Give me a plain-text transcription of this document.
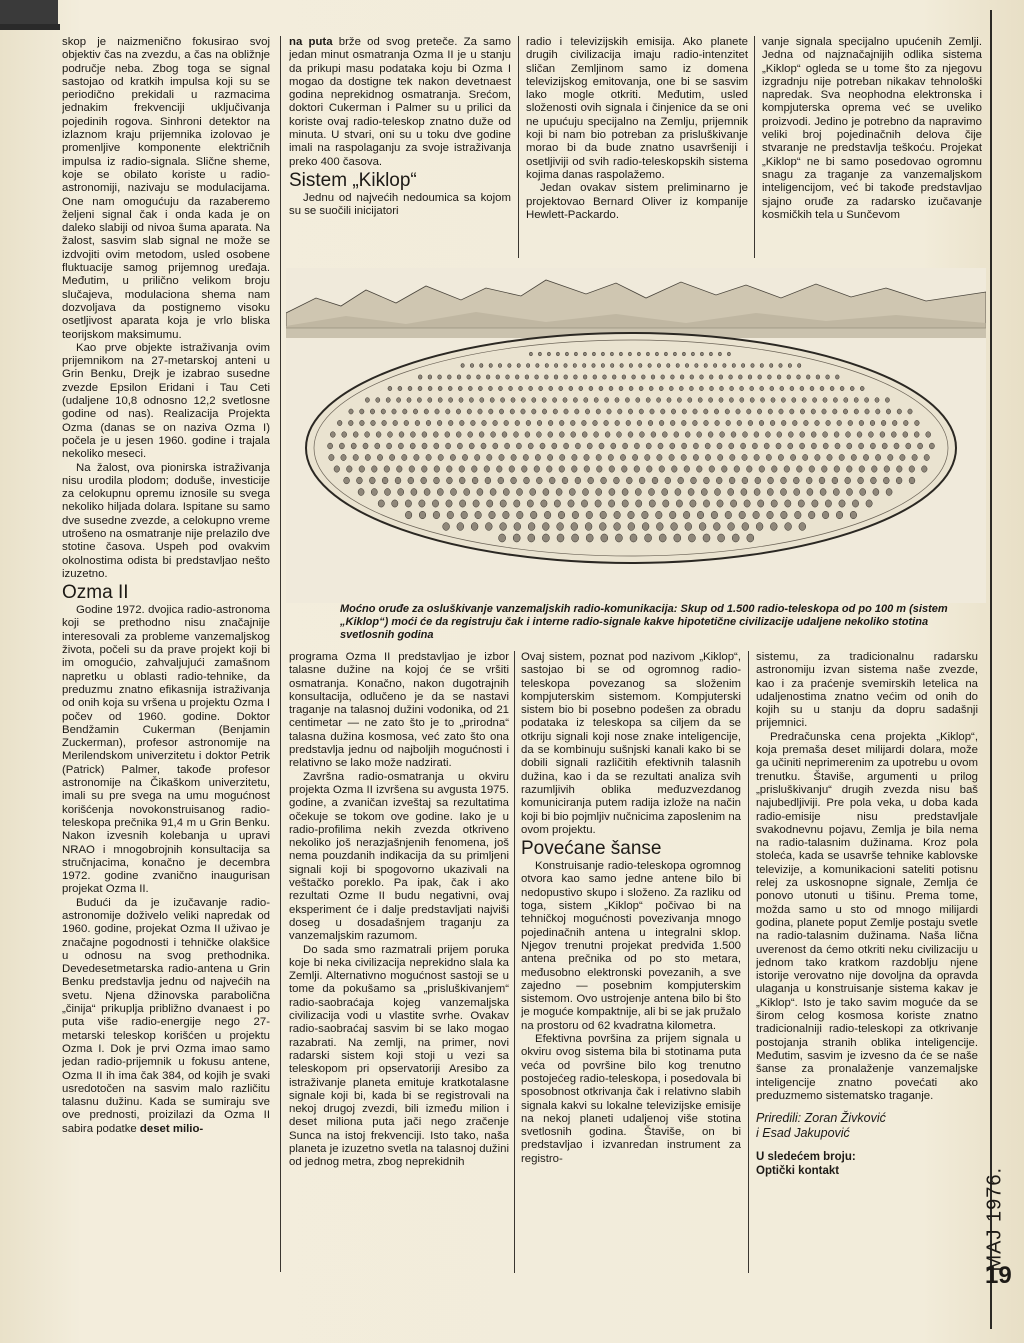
skop je naizmenično fokusirao svoj objektiv čas na zvezdu, a čas na obližnje područje neba. Zbog toga se signal sastojao od kratkih impulsa koji su se periodično prekidali u razmacima jednakim frekvenciji uključivanja pojedinih rogova. Sinhroni detektor na izlaznom kraju prijemnika izolovao je promenljive komponente električnih impulsa iz radio-signala. Slične sheme, koje se obilato koriste u radio-astronomiji, nazivaju se modulacijama. One nam omogućuju da razaberemo željeni signal čak i onda kada je on daleko slabiji od nivoa šuma aparata. Na žalost, sasvim slab signal ne može se izdvojiti ovim metodom, usled osobene fluktuacije samog prijemnog uređaja. Međutim, u prilično velikom broju slučajeva, modulaciona shema nam dozvoljava da postignemo visoku osetljivost aparata koja je vrlo bliska teorijskom maksimumu.

Kao prve objekte istraživanja ovim prijemnikom na 27-metarskoj anteni u Grin Benku, Drejk je izabrao susedne zvezde Epsilon Eridani i Tau Ceti (udaljene 10,8 odnosno 12,2 svetlosne godine od nas). Realizacija Projekta Ozma (danas se on naziva Ozma I) počela je u jesen 1960. godine i trajala nekoliko meseci.

Na žalost, ova pionirska istraživanja nisu urodila plodom; doduše, investicije za celokupnu opremu iznosile su svega nekoliko hiljada dolara. Ispitane su samo dve susedne zvezde, a celokupno vreme utrošeno na osmatranje nije prelazilo dve stotine časova. Uspeh pod ovakvim okolnostima odista bi predstavljao nešto izuzetno.

Ozma II

Godine 1972. dvojica radio-astronoma koji se prethodno nisu značajnije interesovali za probleme vanzemaljskog života, počeli su da prave projekt koji bi im omogućio, zahvaljujući zamašnom napretku u oblasti radio-tehnike, da preduzmu znatno efikasnija istraživanja od onih koja su vršena u projektu Ozma I počev od 1960. godine. Doktor Bendžamin Cukerman (Benjamin Zuckerman), profesor astronomije na Merilendskom univerzitetu i doktor Petrik (Patrick) Palmer, takođe profesor astronomije na Čikaškom univerzitetu, imali su pre svega na umu mogućnost korišćenja novokonstruisanog radio-teleskopa prečnika 91,4 m u Grin Benku. Nakon izvesnih kolebanja u upravi NRAO i mnogobrojnih konsultacija sa stručnjacima, konačno je decembra 1972. godine zvanično inaugurisan projekat Ozma II.

Budući da je izučavanje radio-astronomije doživelo veliki napredak od 1960. godine, projekat Ozma II uživao je značajne pogodnosti i tehničke olakšice u odnosu na svog prethodnika. Devedesetmetarska radio-antena u Grin Benku predstavlja jednu od najvećih na svetu. Njena džinovska parabolična „činija“ prikuplja približno dvanaest i po puta više radio-energije nego 27-metarski teleskop korišćen u projektu Ozma I. Dok je prvi Ozma imao samo jedan radio-prijemnik u fokusu antene, Ozma II ih ima čak 384, od kojih je svaki usredotočen na sasvim malo različitu talasnu dužinu. Kada se sumiraju sve ove prednosti, proizilazi da Ozma II sabira podatke deset milio-

na puta brže od svog preteče. Za samo jedan minut osmatranja Ozma II je u stanju da prikupi masu podataka koju bi Ozma I mogao da dostigne tek nakon devetnaest godina neprekidnog osmatranja. Srećom, doktori Cukerman i Palmer su u prilici da koriste ovaj radio-teleskop znatno duže od minuta. U stvari, oni su u toku dve godine imali na raspolaganju za svoje istraživanja preko 400 časova.

Sistem „Kiklop“

Jednu od najvećih nedoumica sa kojom su se suočili inicijatori

radio i televizijskih emisija. Ako planete drugih civilizacija imaju radio-intenzitet sličan Zemljinom samo iz domena televizijskog emitovanja, one bi se sasvim lako mogle otkriti. Međutim, usled složenosti ovih signala i činjenice da se oni ne upućuju specijalno na Zemlju, prijemnik koji bi nam bio potreban za prisluškivanje morao bi da bude znatno usavršeniji i osetljiviji od svih radio-teleskopskih sistema kojima danas raspolažemo.

Jedan ovakav sistem preliminarno je projektovao Bernard Oliver iz kompanije Hewlett-Packardo.

vanje signala specijalno upućenih Zemlji. Jedna od najznačajnijih odlika sistema „Kiklop“ ogleda se u tome što za njegovu izgradnju nije potreban nikakav tehnološki napredak. Sva neophodna elektronska i kompjuterska oprema već se uveliko proizvodi. Jedino je potrebno da napravimo veliki broj pojedinačnih delova čije stvaranje ne predstavlja teškoću. Projekat „Kiklop“ ne bi samo posedovao ogromnu snagu za traganje za vanzemaljskom inteligencijom, već bi takođe predstavljao sjajno oruđe za radarsko izučavanje kosmičkih tela u Sunčevom

Moćno oruđe za osluškivanje vanzemaljskih radio-komunikacija: Skup od 1.500 radio-teleskopa od po 100 m (sistem „Kiklop“) moći će da registruju čak i interne radio-signale kakve hipotetične civilizacije udaljene nekoliko stotina svetlosnih godina

programa Ozma II predstavljao je izbor talasne dužine na kojoj će se vršiti osmatranja. Konačno, nakon dugotrajnih konsultacija, odlučeno je da se nastavi traganje na talasnoj dužini vodonika, od 21 centimetar — ne zato što je to „prirodna“ talasna dužina kosmosa, već zato što ona predstavlja jednu od najboljih mogućnosti i relativno se lako može nadzirati.

Završna radio-osmatranja u okviru projekta Ozma II izvršena su avgusta 1975. godine, a zvaničan izveštaj sa rezultatima očekuje se tokom ove godine. Iako je u radio-profilima nekih zvezda otkriveno nekoliko još nerazjašnjenih fenomena, još nema pouzdanih indikacija da su primljeni signali koji bi spogovorno ukazivali na veštačko poreklo. Pa ipak, čak i ako rezultati Ozme II budu negativni, ovaj eksperiment će i dalje predstavljati najviši doseg u dosadašnjem traganju za vanzemaljskim razumom.

Do sada smo razmatrali prijem poruka koje bi neka civilizacija neprekidno slala ka Zemlji. Alternativno mogućnost sastoji se u tome da pokušamo sa „prisluškivanjem“ radio-saobraćaja kojeg vanzemaljska civilizacija vodi u vlastite svrhe. Ovakav radio-saobraćaj sasvim bi se lako mogao razabrati. Na zemlji, na primer, novi radarski sistem koji stoji u vezi sa teleskopom pri opservatoriji Aresibo za istraživanje planeta emituje kratkotalasne signale koji bi, kada bi se registrovali na nekoj drugoj zvezdi, bili između milion i deset miliona puta jači nego zračenje Sunca na istoj frekvenciji. Isto tako, naša planeta je izuzetno svetla na talasnoj dužini od jednog metra, zbog neprekidnih

Ovaj sistem, poznat pod nazivom „Kiklop“, sastojao bi se od ogromnog radio-teleskopa povezanog sa složenim kompjuterskim sistemom. Kompjuterski sistem bio bi posebno podešen za obradu podataka iz teleskopa sa ciljem da se otkriju signali koji nose znake inteligencije, da se kombinuju sušnjski kanali kako bi se dobili signali različitih efektivnih talasnih dužina, kao i da se rezultati analiza svih razumljivih oblika međuzvezdanog komuniciranja putem radija izlože na način koji bi bio pojmljiv nučnicima zaposlenim na ovom projektu.

Povećane šanse

Konstruisanje radio-teleskopa ogromnog otvora kao samo jedne antene bilo bi nedopustivo skupo i složeno. Za razliku od toga, sistem „Kiklop“ počivao bi na tehničkoj mogućnosti povezivanja mnogo pojedinačnih antena u integralni sklop. Njegov trenutni projekat predviđa 1.500 antena prečnika od po sto metara, međusobno elektronski povezanih, a sve zajedno — posebnim kompjuterskim sistemom. Ovo ustrojenje antena bilo bi što je moguće kompaktnije, ali bi se jak pružalo na prostoru od 62 kvadratna kilometra.

Efektivna površina za prijem signala u okviru ovog sistema bila bi stotinama puta veća od površine bilo kog trenutno postojećeg radio-teleskopa, i posedovala bi sposobnost otkrivanja čak i relativno slabih signala kakvi su lokalne televizijske emisije na nekoj planeti udaljenoj više stotina svetlosnih godina. Štaviše, on bi predstavljao i izvanredan instrument za registro-

sistemu, za tradicionalnu radarsku astronomiju izvan sistema naše zvezde, kao i za praćenje svemirskih letelica na udaljenostima znatno većim od onih do kojih su u stanju da dopru sadašnji prijemnici.

Predračunska cena projekta „Kiklop“, koja premaša deset milijardi dolara, može ga učiniti neprimerenim za upotrebu u ovom trenutku. Štaviše, argumenti u prilog „prisluškivanju“ drugih zvezda nisu baš najubedljiviji. Pre pola veka, u doba kada radio-emisije nisu predstavljale svakodnevnu pojavu, Zemlja je bila nema na radio-talasnim dužinama. Kroz pola stoleća, kada se usavrše tehnike kablovske televizije, a komunikacioni sateliti potisnu relej za uskosnopne signale, Zemlja će ponovo utonuti u tišinu. Prema tome, možda samo u sto od mnogo milijardi godina, planete poput Zemlje postaju svetle na radio-talasnim dužinama. Naša lična uverenost da ćemo otkriti neku civilizaciju u jednom tako kratkom razdoblju njene istorije verovatno nije dovoljna da opravda ulaganja u konstruisanje sistema kakav je „Kiklop“. Isto je tako savim moguće da se širom celog kosmosa koriste znatno tradicionalniji radio-teleskopi za otkrivanje postojanja stranih oblika inteligencije. Međutim, sasvim je izvesno da će se naše šanse za pronalaženje vanzemaljske inteligencije znatno povećati ako preduzmemo sistematsko traganje.

Priredili: Zoran Živković
i Esad Jakupović
U sledećem broju:
Optički kontakt	MAJ 1976.
19
